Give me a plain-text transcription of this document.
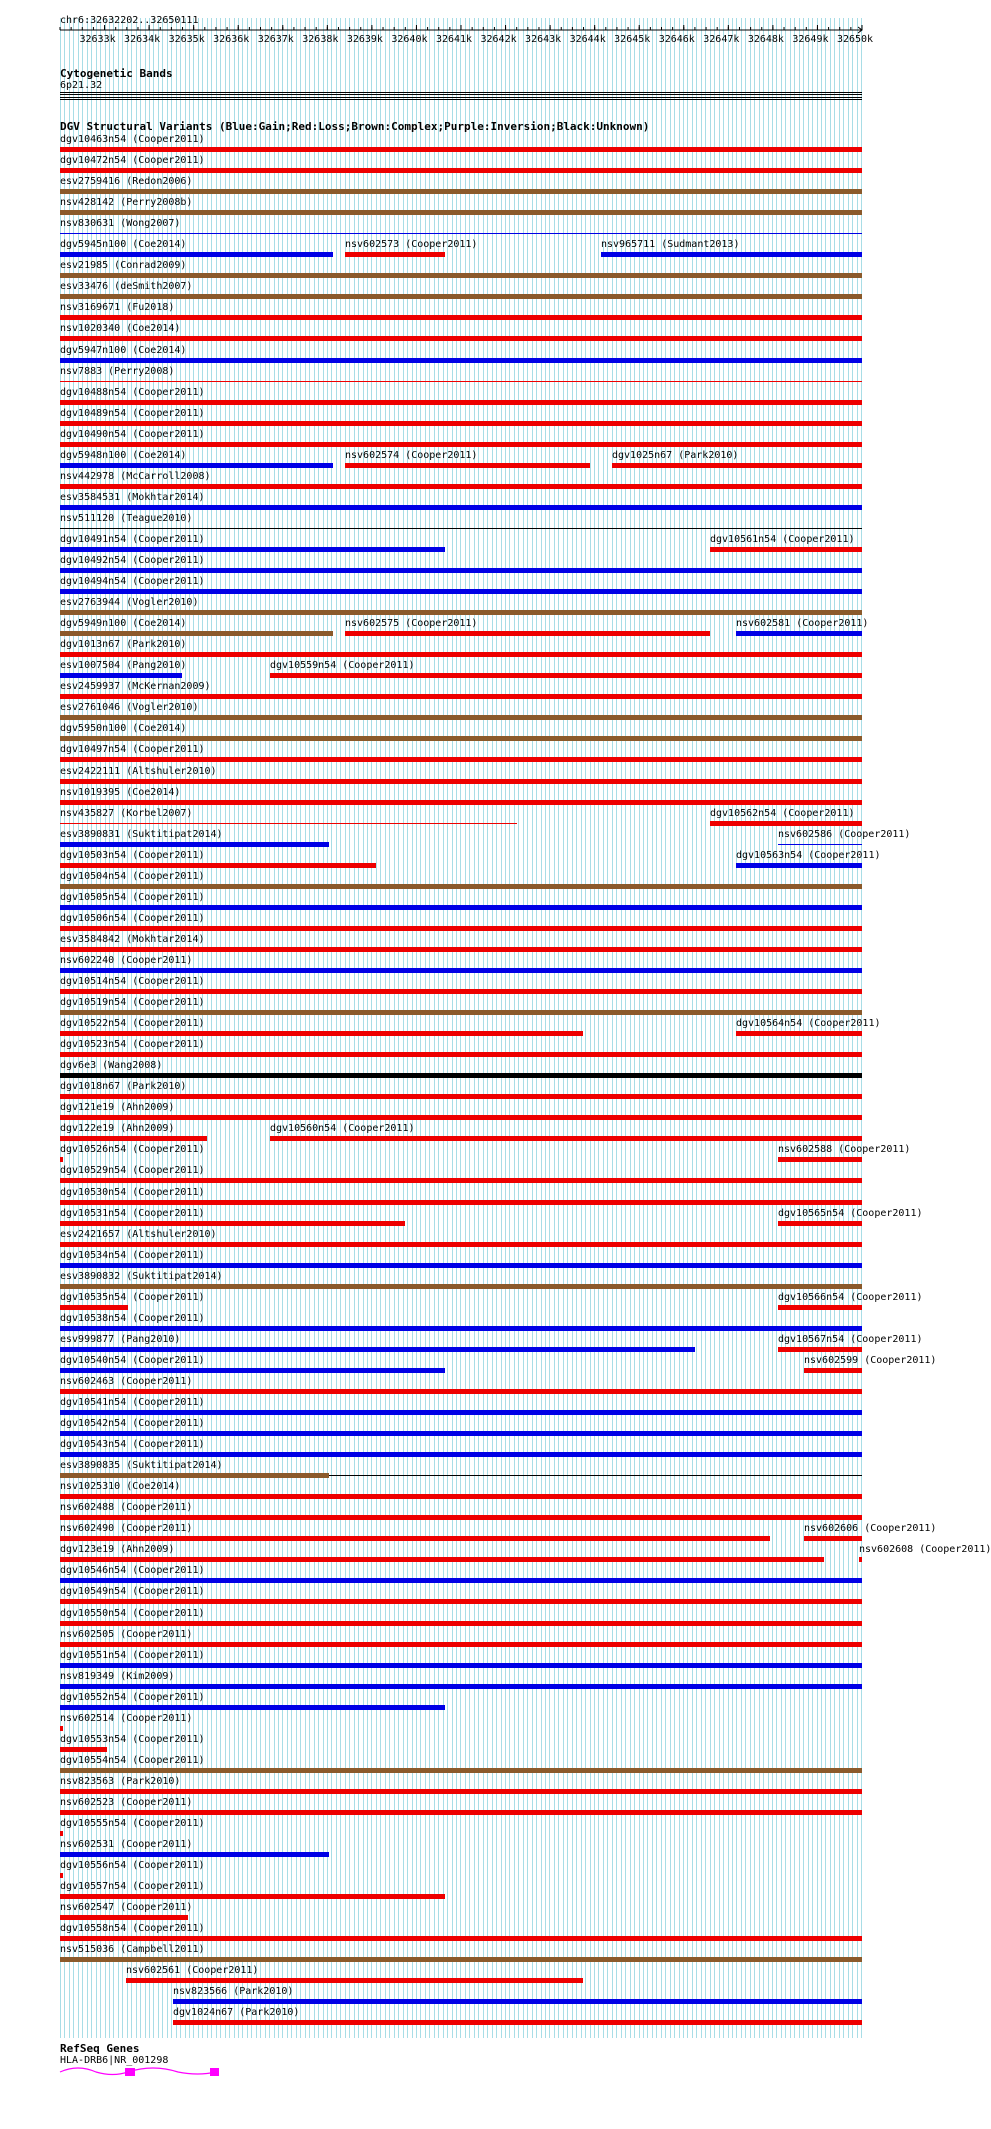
chr6:32632202..32650111
32633k 32634k 32635k 32636k 32637k 32638k 32639k 32640k 32641k 32642k 32643k 32644k 32645k 32646k 32647k 32648k 32649k 32650k
Cytogenetic Bands
6p21.32
DGV Structural Variants (Blue:Gain;Red:Loss;Brown:Complex;Purple:Inversion;Black:Unknown)
dgv10463n54 (Cooper2011)
dgv10472n54 (Cooper2011)
esv2759416 (Redon2006)
nsv428142 (Perry2008b)
nsv830631 (Wong2007)
dgv5945n100 (Coe2014)	nsv602573 (Cooper2011)	nsv965711 (Sudmant2013)
esv21985 (Conrad2009)
esv33476 (deSmith2007)
nsv3169671 (Fu2018)
nsv1020340 (Coe2014)
dgv5947n100 (Coe2014)
nsv7883 (Perry2008)
dgv10488n54 (Cooper2011)
dgv10489n54 (Cooper2011)
dgv10490n54 (Cooper2011)
dgv5948n100 (Coe2014)	nsv602574 (Cooper2011)	dgv1025n67 (Park2010)
nsv442978 (McCarroll2008)
esv3584531 (Mokhtar2014)
nsv511120 (Teague2010)
dgv10491n54 (Cooper2011)	dgv10561n54 (Cooper2011)
dgv10492n54 (Cooper2011)
dgv10494n54 (Cooper2011)
esv2763944 (Vogler2010)
dgv5949n100 (Coe2014)	nsv602575 (Cooper2011)	nsv602581 (Cooper2011)
dgv1013n67 (Park2010)
esv1007504 (Pang2010)	dgv10559n54 (Cooper2011)
esv2459937 (McKernan2009)
esv2761046 (Vogler2010)
dgv5950n100 (Coe2014)
dgv10497n54 (Cooper2011)
esv2422111 (Altshuler2010)
nsv1019395 (Coe2014)
nsv435827 (Korbel2007)	dgv10562n54 (Cooper2011)
esv3890831 (Suktitipat2014)	nsv602586 (Cooper2011)
dgv10503n54 (Cooper2011)	dgv10563n54 (Cooper2011)
dgv10504n54 (Cooper2011)
dgv10505n54 (Cooper2011)
dgv10506n54 (Cooper2011)
esv3584842 (Mokhtar2014)
nsv602240 (Cooper2011)
dgv10514n54 (Cooper2011)
dgv10519n54 (Cooper2011)
dgv10522n54 (Cooper2011)	dgv10564n54 (Cooper2011)
dgv10523n54 (Cooper2011)
dgv6e3 (Wang2008)
dgv1018n67 (Park2010)
dgv121e19 (Ahn2009)
dgv122e19 (Ahn2009)	dgv10560n54 (Cooper2011)
dgv10526n54 (Cooper2011)	nsv602588 (Cooper2011)
dgv10529n54 (Cooper2011)
dgv10530n54 (Cooper2011)
dgv10531n54 (Cooper2011)	dgv10565n54 (Cooper2011)
esv2421657 (Altshuler2010)
dgv10534n54 (Cooper2011)
esv3890832 (Suktitipat2014)
dgv10535n54 (Cooper2011)	dgv10566n54 (Cooper2011)
dgv10538n54 (Cooper2011)
esv999877 (Pang2010)	dgv10567n54 (Cooper2011)
dgv10540n54 (Cooper2011)	nsv602599 (Cooper2011)
nsv602463 (Cooper2011)
dgv10541n54 (Cooper2011)
dgv10542n54 (Cooper2011)
dgv10543n54 (Cooper2011)
esv3890835 (Suktitipat2014)
nsv1025310 (Coe2014)
nsv602488 (Cooper2011)
nsv602490 (Cooper2011)	nsv602606 (Cooper2011)
dgv123e19 (Ahn2009)	nsv602608 (Cooper2011)
dgv10546n54 (Cooper2011)
dgv10549n54 (Cooper2011)
dgv10550n54 (Cooper2011)
nsv602505 (Cooper2011)
dgv10551n54 (Cooper2011)
nsv819349 (Kim2009)
dgv10552n54 (Cooper2011)
nsv602514 (Cooper2011)
dgv10553n54 (Cooper2011)
dgv10554n54 (Cooper2011)
nsv823563 (Park2010)
nsv602523 (Cooper2011)
dgv10555n54 (Cooper2011)
nsv602531 (Cooper2011)
dgv10556n54 (Cooper2011)
dgv10557n54 (Cooper2011)
nsv602547 (Cooper2011)
dgv10558n54 (Cooper2011)
nsv515036 (Campbell2011)
nsv602561 (Cooper2011)
nsv823566 (Park2010)
dgv1024n67 (Park2010)
RefSeq Genes
HLA-DRB6|NR_001298
